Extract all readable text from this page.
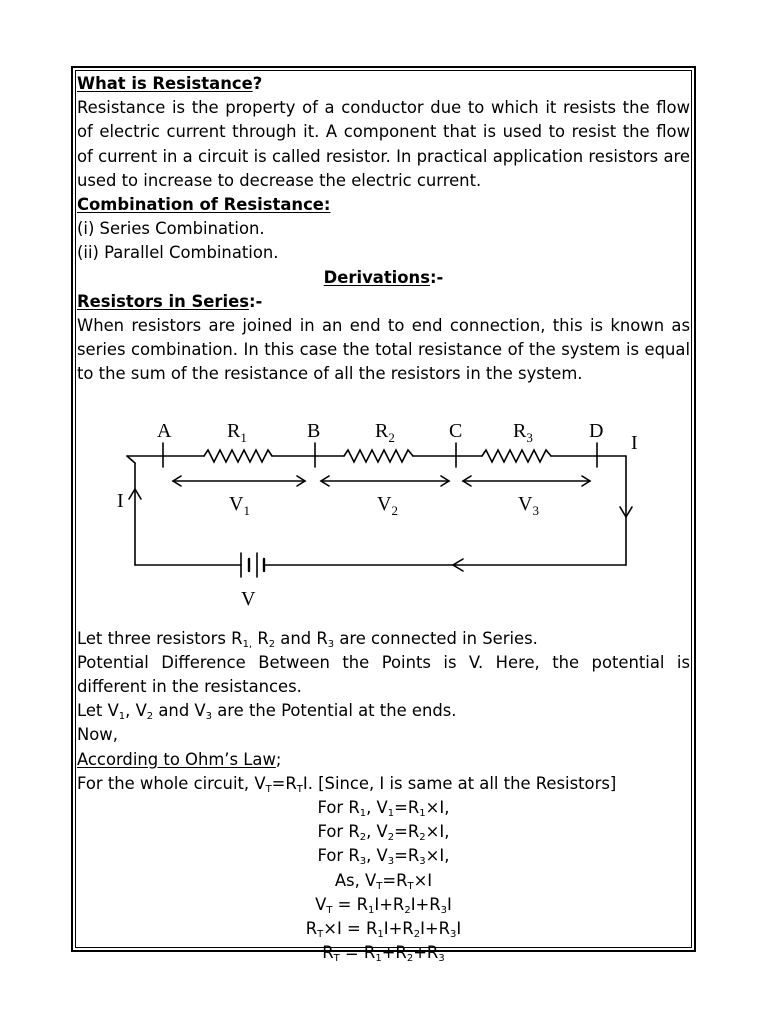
What is Resistance?

Resistance is the property of a conductor due to which it resists the flow of electric current through it. A component that is used to resist the flow of current in a circuit is called resistor. In practical application resistors are used to increase to decrease the electric current.

Combination of Resistance:

(i) Series Combination.

(ii) Parallel Combination.

Derivations:-

Resistors in Series:-

When resistors are joined in an end to end connection, this is known as series combination. In this case the total resistance of the system is equal to the sum of the resistance of all the resistors in the system.

A	$R_1$	B	$R_2$	C	$R_3$	D
I
$V_1$	$V_2$	$V_3$
I
V

Let three resistors $R_{1,}$ $R_2$ and $R_3$ are connected in Series.

Potential Difference Between the Points is V. Here, the potential is different in the resistances.

Let $V_1$, $V_2$ and $V_3$ are the Potential at the ends.

Now,

According to Ohm’s Law;

For the whole circuit, $V_T=R_TI$. [Since, I is same at all the Resistors]

For $R_1$, $V_1=R_1\times I$,

For $R_2$, $V_2=R_2\times I$,

For $R_3$, $V_3=R_3\times I$,

As, $V_T=R_T\times I$

$V_T = R_1I+R_2I+R_3I$

$R_T\times I = R_1I+R_2I+R_3I$

$R_T = R_1+R_2+R_3$
